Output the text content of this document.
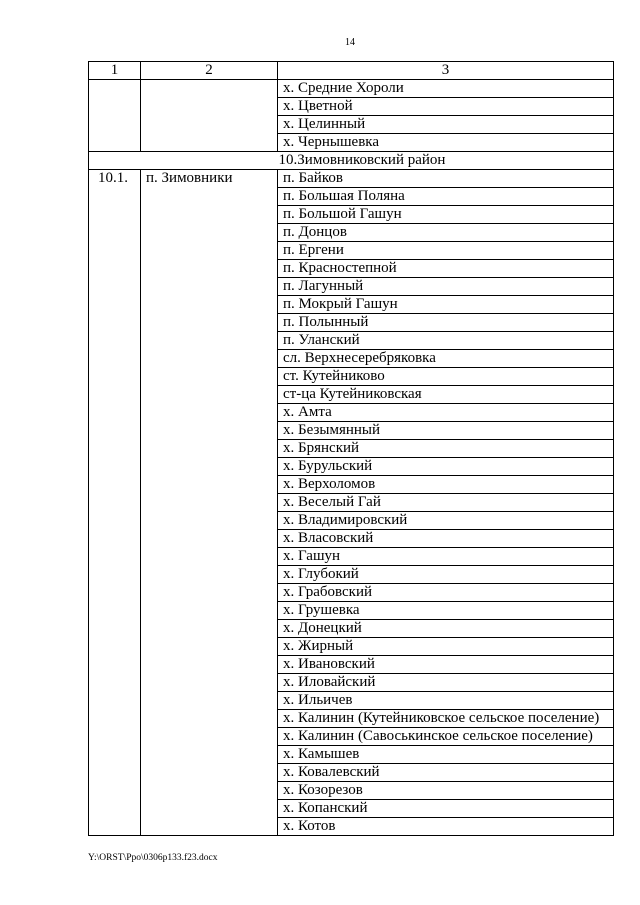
14
1	2	3
		х. Средние Хороли
		х. Цветной
		х. Целинный
		х. Чернышевка
10.Зимовниковский район		
10.1.	п. Зимовники	п. Байков
		п. Большая Поляна
		п. Большой Гашун
		п. Донцов
		п. Ергени
		п. Красностепной
		п. Лагунный
		п. Мокрый Гашун
		п. Полынный
		п. Уланский
		сл. Верхнесеребряковка
		ст. Кутейниково
		ст-ца Кутейниковская
		х. Амта
		х. Безымянный
		х. Брянский
		х. Бурульский
		х. Верхоломов
		х. Веселый Гай
		х. Владимировский
		х. Власовский
		х. Гашун
		х. Глубокий
		х. Грабовский
		х. Грушевка
		х. Донецкий
		х. Жирный
		х. Ивановский
		х. Иловайский
		х. Ильичев
		х. Калинин (Кутейниковское сельское поселение)
		х. Калинин (Савоськинское сельское поселение)
		х. Камышев
		х. Ковалевский
		х. Козорезов
		х. Копанский
		х. Котов
Y:\ORST\Ppo\0306p133.f23.docx
